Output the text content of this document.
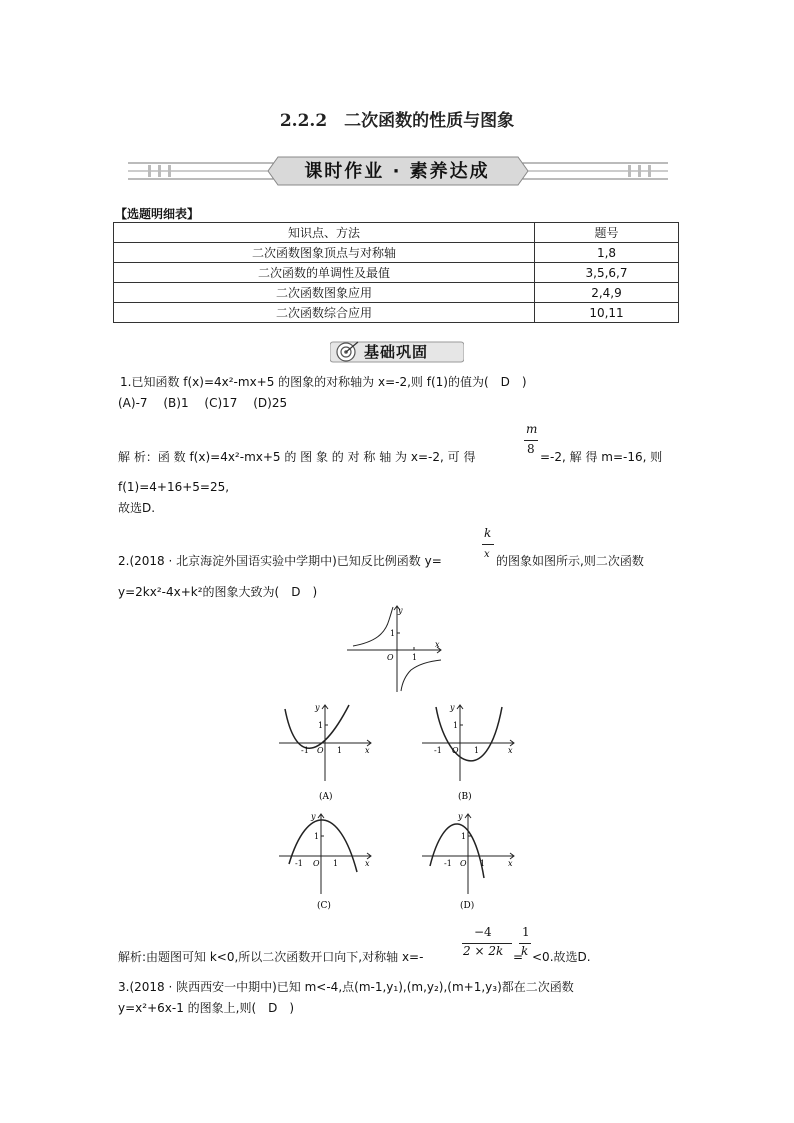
2.2.2　二次函数的性质与图象
课时作业 · 素养达成
【选题明细表】
知识点、方法	题号
二次函数图象顶点与对称轴	1,8
二次函数的单调性及最值	3,5,6,7
二次函数图象应用	2,4,9
二次函数综合应用	10,11
基础巩固
1.已知函数 f(x)=4x²-mx+5 的图象的对称轴为 x=-2,则 f(1)的值为(　D　)
(A)-7　 (B)1　 (C)17　 (D)25
m
8
解 析：函 数 f(x)=4x²-mx+5 的 图 象 的 对 称 轴 为 x=-2, 可 得	=-2, 解 得 m=-16, 则
f(1)=4+16+5=25,
故选D.
k
2.(2018 · 北京海淀外国语实验中学期中)已知反比例函数 y=	x 的图象如图所示,则二次函数
y=2kx²-4x+k²的图象大致为(　D　)
y
x
O
1
1
y
x
1
-1 O 1
(A)
y
x
1
-1 O 1
(B)
y
x
1
-1 O 1
(C)
y
x
1
-1 O 1
(D)
解析:由题图可知 k<0,所以二次函数开口向下,对称轴 x=-
−4
2 × 2k =
1
k <0.故选D.
3.(2018 · 陕西西安一中期中)已知 m<-4,点(m-1,y₁),(m,y₂),(m+1,y₃)都在二次函数
y=x²+6x-1 的图象上,则(　D　)
